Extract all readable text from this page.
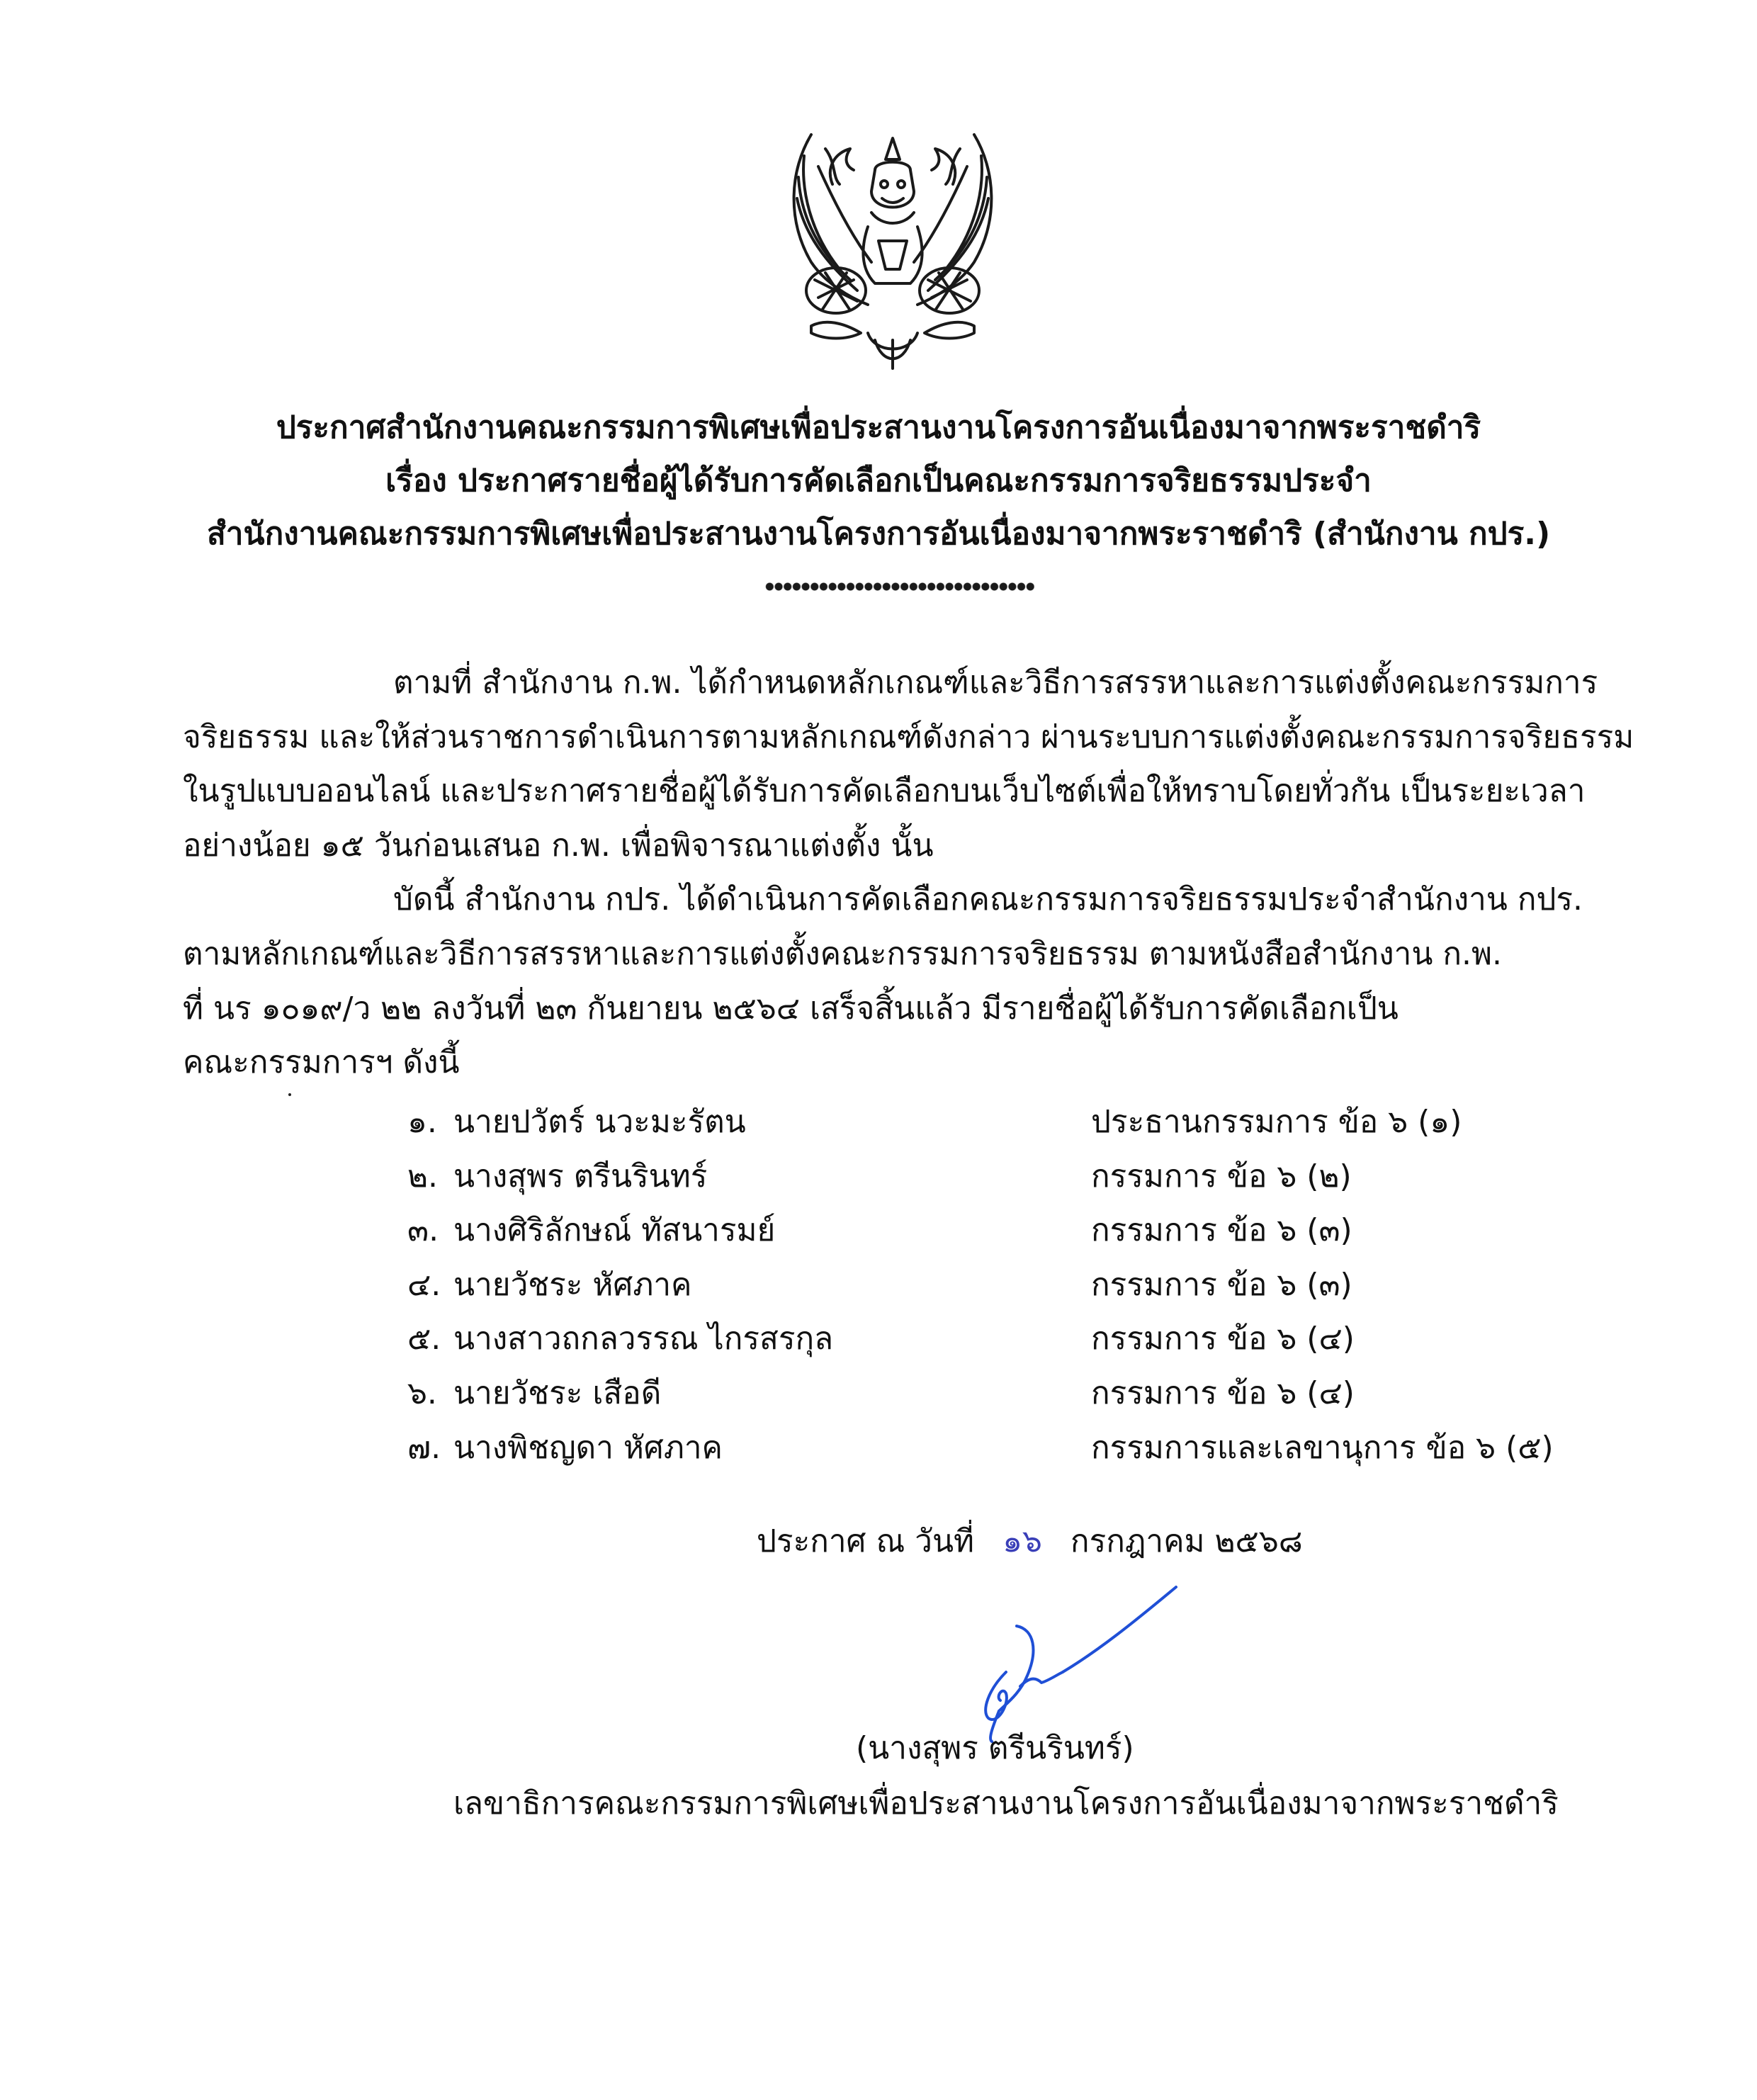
ประกาศสำนักงานคณะกรรมการพิเศษเพื่อประสานงานโครงการอันเนื่องมาจากพระราชดำริ
เรื่อง ประกาศรายชื่อผู้ได้รับการคัดเลือกเป็นคณะกรรมการจริยธรรมประจำ
สำนักงานคณะกรรมการพิเศษเพื่อประสานงานโครงการอันเนื่องมาจากพระราชดำริ (สำนักงาน กปร.)
ตามที่ สำนักงาน ก.พ. ได้กำหนดหลักเกณฑ์และวิธีการสรรหาและการแต่งตั้งคณะกรรมการ
จริยธรรม และให้ส่วนราชการดำเนินการตามหลักเกณฑ์ดังกล่าว ผ่านระบบการแต่งตั้งคณะกรรมการจริยธรรม
ในรูปแบบออนไลน์ และประกาศรายชื่อผู้ได้รับการคัดเลือกบนเว็บไซต์เพื่อให้ทราบโดยทั่วกัน เป็นระยะเวลา
อย่างน้อย ๑๕ วันก่อนเสนอ ก.พ. เพื่อพิจารณาแต่งตั้ง นั้น
บัดนี้ สำนักงาน กปร. ได้ดำเนินการคัดเลือกคณะกรรมการจริยธรรมประจำสำนักงาน กปร.
ตามหลักเกณฑ์และวิธีการสรรหาและการแต่งตั้งคณะกรรมการจริยธรรม ตามหนังสือสำนักงาน ก.พ.
ที่ นร ๑๐๑๙/ว ๒๒ ลงวันที่ ๒๓ กันยายน ๒๕๖๔ เสร็จสิ้นแล้ว มีรายชื่อผู้ได้รับการคัดเลือกเป็น
คณะกรรมการฯ ดังนี้
๑. นายปวัตร์ นวะมะรัตน	ประธานกรรมการ ข้อ ๖ (๑)
๒. นางสุพร ตรีนรินทร์	กรรมการ ข้อ ๖ (๒)
๓. นางศิริลักษณ์ ทัสนารมย์	กรรมการ ข้อ ๖ (๓)
๔. นายวัชระ หัศภาค	กรรมการ ข้อ ๖ (๓)
๕. นางสาวถกลวรรณ ไกรสรกุล	กรรมการ ข้อ ๖ (๔)
๖. นายวัชระ เสือดี	กรรมการ ข้อ ๖ (๔)
๗. นางพิชญดา หัศภาค	กรรมการและเลขานุการ ข้อ ๖ (๕)
ประกาศ ณ วันที่ ๑๖ กรกฎาคม ๒๕๖๘
(นางสุพร ตรีนรินทร์)
เลขาธิการคณะกรรมการพิเศษเพื่อประสานงานโครงการอันเนื่องมาจากพระราชดำริ
